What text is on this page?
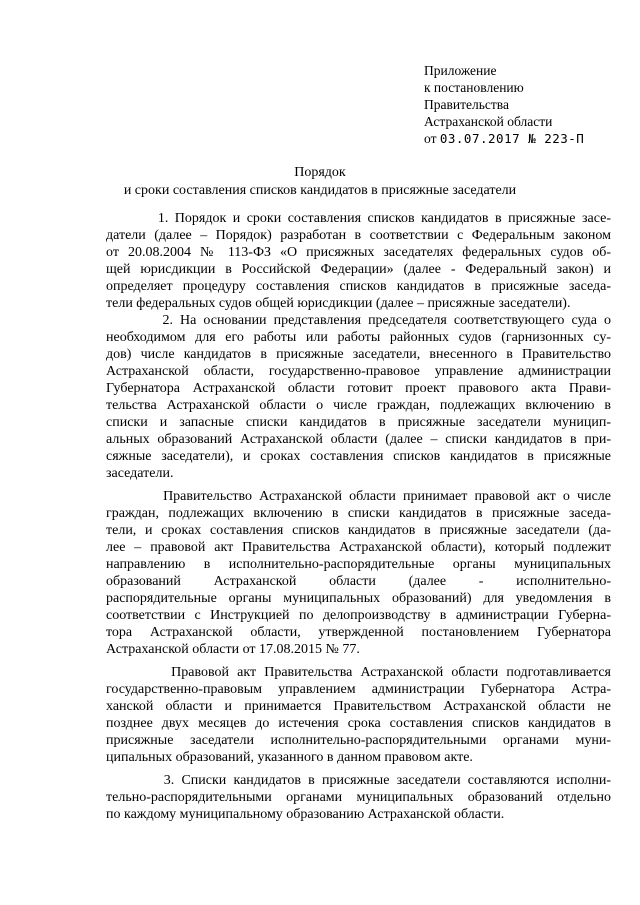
Приложение
к постановлению
Правительства
Астраханской области
от 03.07.2017 № 223-П
Порядок
и сроки составления списков кандидатов в присяжные заседатели

1. Порядок и сроки составления списков кандидатов в присяжные засе-
датели (далее – Порядок) разработан в соответствии с Федеральным законом
от 20.08.2004 № 113-ФЗ «О присяжных заседателях федеральных судов об-
щей юрисдикции в Российской Федерации» (далее - Федеральный закон) и
определяет процедуру составления списков кандидатов в присяжные заседа-
тели федеральных судов общей юрисдикции (далее – присяжные заседатели).

2. На основании представления председателя соответствующего суда о
необходимом для его работы или работы районных судов (гарнизонных су-
дов) числе кандидатов в присяжные заседатели, внесенного в Правительство
Астраханской области, государственно-правовое управление администрации
Губернатора Астраханской области готовит проект правового акта Прави-
тельства Астраханской области о числе граждан, подлежащих включению в
списки и запасные списки кандидатов в присяжные заседатели муницип-
альных образований Астраханской области (далее – списки кандидатов в при-
сяжные заседатели), и сроках составления списков кандидатов в присяжные
заседатели.

Правительство Астраханской области принимает правовой акт о числе
граждан, подлежащих включению в списки кандидатов в присяжные заседа-
тели, и сроках составления списков кандидатов в присяжные заседатели (да-
лее – правовой акт Правительства Астраханской области), который подлежит
направлению в исполнительно-распорядительные органы муниципальных
образований      Астраханской      области      (далее      -      исполнительно-
распорядительные органы муниципальных образований) для уведомления в
соответствии с Инструкцией по делопроизводству в администрации Губерна-
тора Астраханской области, утвержденной постановлением Губернатора
Астраханской области от 17.08.2015 № 77.

Правовой акт Правительства Астраханской области подготавливается
государственно-правовым управлением администрации Губернатора Астра-
ханской области и принимается Правительством Астраханской области не
позднее двух месяцев до истечения срока составления списков кандидатов в
присяжные заседатели исполнительно-распорядительными органами муни-
ципальных образований, указанного в данном правовом акте.

3. Списки кандидатов в присяжные заседатели составляются исполни-
тельно-распорядительными органами муниципальных образований отдельно
по каждому муниципальному образованию Астраханской области.
